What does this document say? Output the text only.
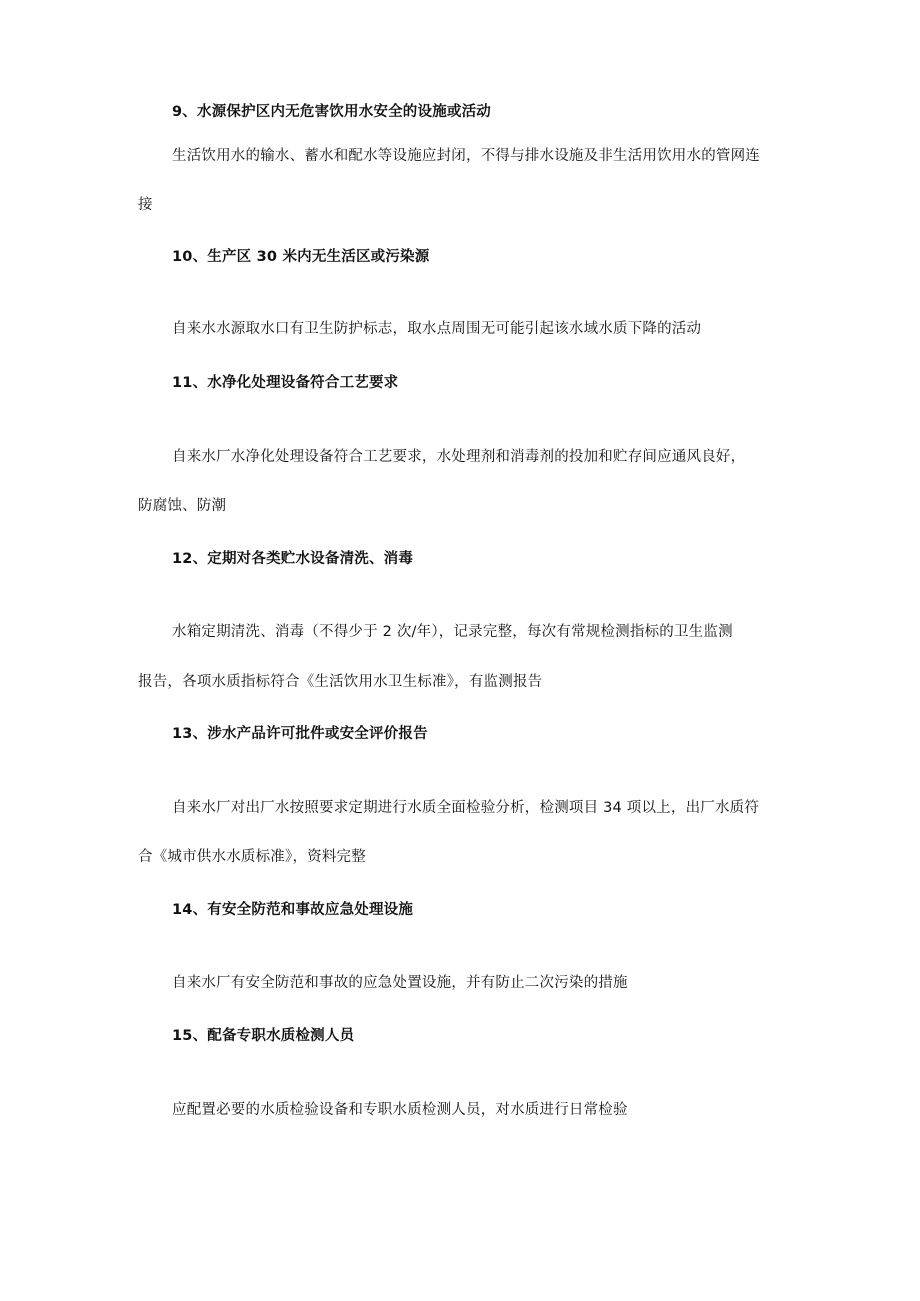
9、水源保护区内无危害饮用水安全的设施或活动
生活饮用水的输水、蓄水和配水等设施应封闭，不得与排水设施及非生活用饮用水的管网连
接
10、生产区 30 米内无生活区或污染源
自来水水源取水口有卫生防护标志，取水点周围无可能引起该水域水质下降的活动
11、水净化处理设备符合工艺要求
自来水厂水净化处理设备符合工艺要求，水处理剂和消毒剂的投加和贮存间应通风良好，
防腐蚀、防潮
12、定期对各类贮水设备清洗、消毒
水箱定期清洗、消毒（不得少于 2 次/年），记录完整，每次有常规检测指标的卫生监测
报告，各项水质指标符合《生活饮用水卫生标准》，有监测报告
13、涉水产品许可批件或安全评价报告
自来水厂对出厂水按照要求定期进行水质全面检验分析，检测项目 34 项以上，出厂水质符
合《城市供水水质标准》，资料完整
14、有安全防范和事故应急处理设施
自来水厂有安全防范和事故的应急处置设施，并有防止二次污染的措施
15、配备专职水质检测人员
应配置必要的水质检验设备和专职水质检测人员，对水质进行日常检验
